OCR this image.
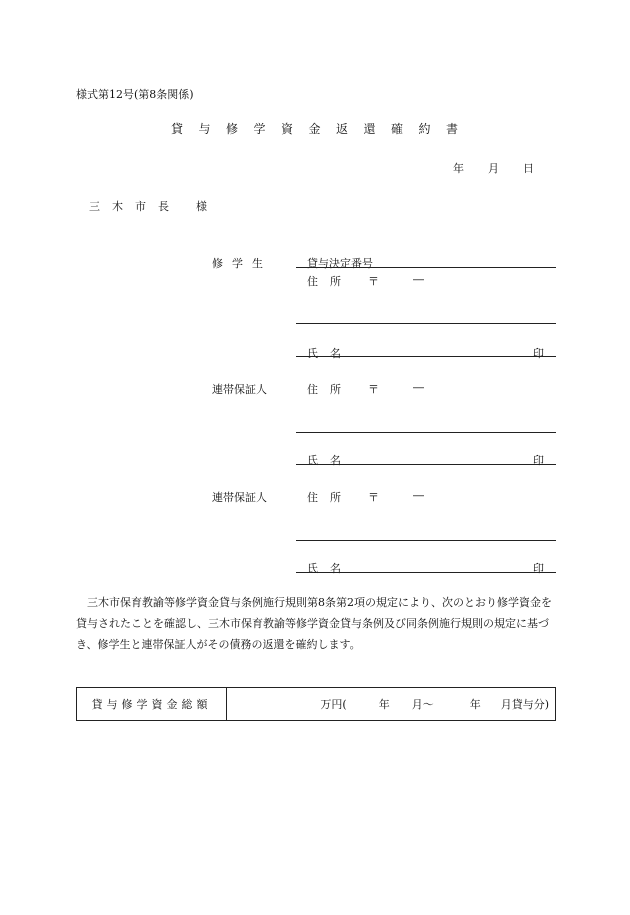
様式第12号(第8条関係)
貸与修学資金返還確約書
年 月 日
三木市長 様
修学生	貸与決定番号
住所 〒	―
氏名	印
連帯保証人	住所 〒	―
氏名	印
連帯保証人	住所 〒	―
氏名	印
三木市保育教諭等修学資金貸与条例施行規則第8条第2項の規定により、次のとおり修学資金を貸与されたことを確認し、三木市保育教諭等修学資金貸与条例及び同条例施行規則の規定に基づき、修学生と連帯保証人がその債務の返還を確約します。
貸与修学資金総額	万円(	年 月～	年 月貸与分)
